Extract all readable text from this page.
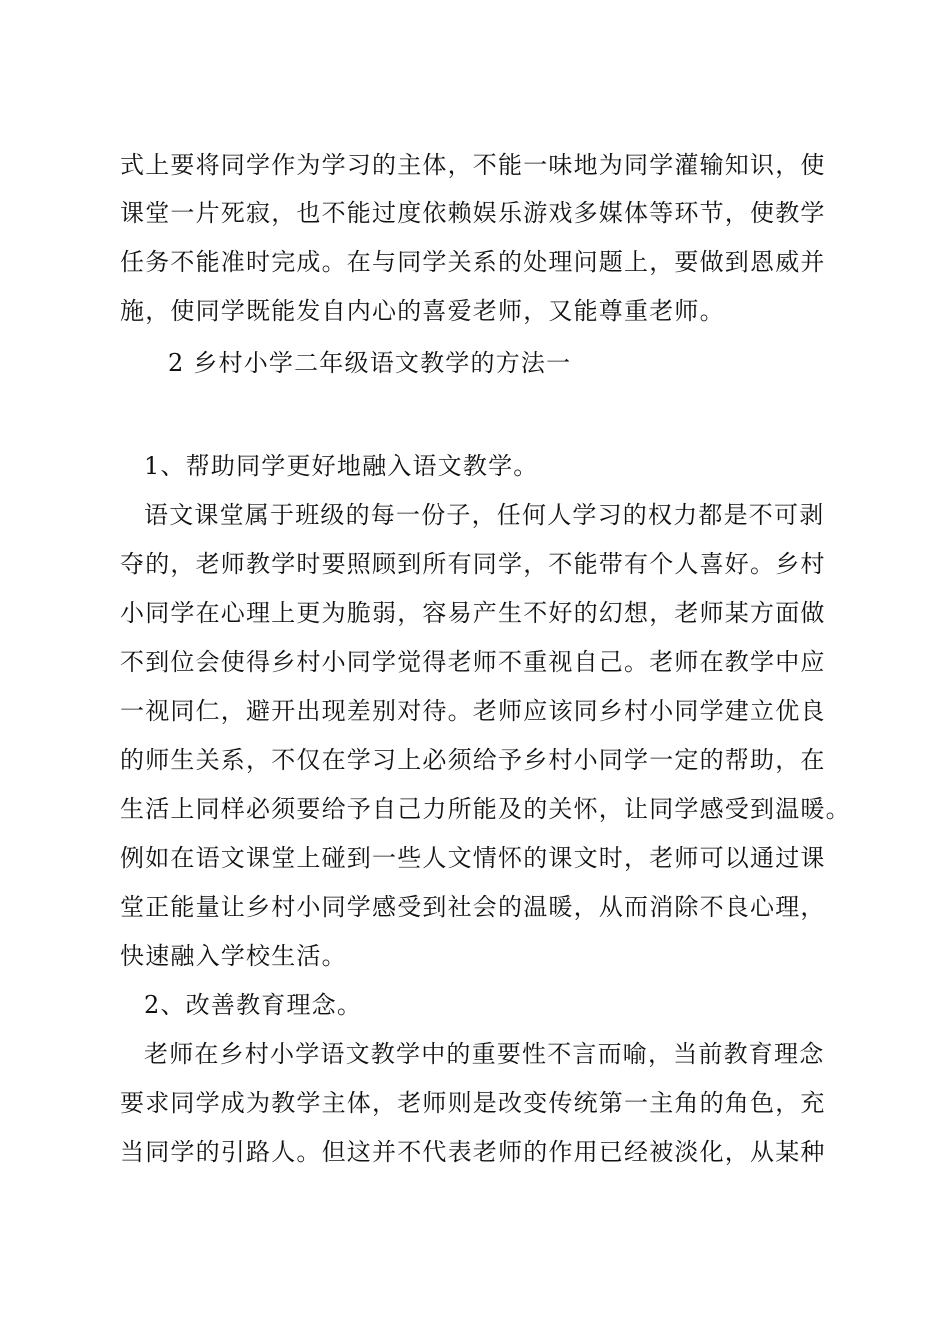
式上要将同学作为学习的主体，不能一味地为同学灌输知识，使
课堂一片死寂，也不能过度依赖娱乐游戏多媒体等环节，使教学
任务不能准时完成。在与同学关系的处理问题上，要做到恩威并
施，使同学既能发自内心的喜爱老师，又能尊重老师。
2 乡村小学二年级语文教学的方法一
1、帮助同学更好地融入语文教学。
语文课堂属于班级的每一份子，任何人学习的权力都是不可剥
夺的，老师教学时要照顾到所有同学，不能带有个人喜好。乡村
小同学在心理上更为脆弱，容易产生不好的幻想，老师某方面做
不到位会使得乡村小同学觉得老师不重视自己。老师在教学中应
一视同仁，避开出现差别对待。老师应该同乡村小同学建立优良
的师生关系，不仅在学习上必须给予乡村小同学一定的帮助，在
生活上同样必须要给予自己力所能及的关怀，让同学感受到温暖。
例如在语文课堂上碰到一些人文情怀的课文时，老师可以通过课
堂正能量让乡村小同学感受到社会的温暖，从而消除不良心理，
快速融入学校生活。
2、改善教育理念。
老师在乡村小学语文教学中的重要性不言而喻，当前教育理念
要求同学成为教学主体，老师则是改变传统第一主角的角色，充
当同学的引路人。但这并不代表老师的作用已经被淡化，从某种
